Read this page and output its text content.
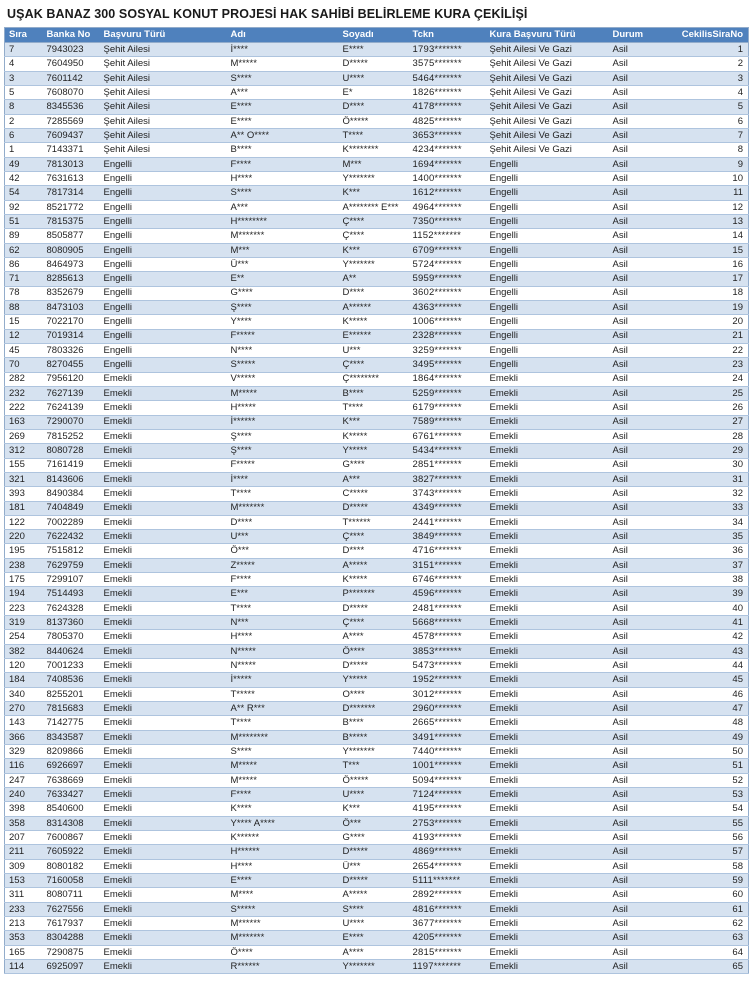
UŞAK BANAZ 300 SOSYAL KONUT PROJESİ HAK SAHİBİ BELİRLEME KURA ÇEKİLİŞİ
Sıra	Banka No	Başvuru Türü	Adı	Soyadı	Tckn	Kura Başvuru Türü	Durum	CekilisSiraNo
7	7943023	Şehit Ailesi	İ****	E****	1793*******	Şehit Ailesi Ve Gazi	Asil	1
4	7604950	Şehit Ailesi	M*****	D*****	3575*******	Şehit Ailesi Ve Gazi	Asil	2
3	7601142	Şehit Ailesi	S****	U****	5464*******	Şehit Ailesi Ve Gazi	Asil	3
5	7608070	Şehit Ailesi	A***	E*	1826*******	Şehit Ailesi Ve Gazi	Asil	4
8	8345536	Şehit Ailesi	E****	D****	4178*******	Şehit Ailesi Ve Gazi	Asil	5
2	7285569	Şehit Ailesi	E****	Ö*****	4825*******	Şehit Ailesi Ve Gazi	Asil	6
6	7609437	Şehit Ailesi	A** O****	T****	3653*******	Şehit Ailesi Ve Gazi	Asil	7
1	7143371	Şehit Ailesi	B****	K********	4234*******	Şehit Ailesi Ve Gazi	Asil	8
49	7813013	Engelli	F****	M***	1694*******	Engelli	Asil	9
42	7631613	Engelli	H****	Y*******	1400*******	Engelli	Asil	10
54	7817314	Engelli	S****	K***	1612*******	Engelli	Asil	11
92	8521772	Engelli	A***	A******** E***	4964*******	Engelli	Asil	12
51	7815375	Engelli	H********	Ç****	7350*******	Engelli	Asil	13
89	8505877	Engelli	M*******	Ç****	1152*******	Engelli	Asil	14
62	8080905	Engelli	M***	K***	6709*******	Engelli	Asil	15
86	8464973	Engelli	Ü***	Y*******	5724*******	Engelli	Asil	16
71	8285613	Engelli	E**	A**	5959*******	Engelli	Asil	17
78	8352679	Engelli	G****	D****	3602*******	Engelli	Asil	18
88	8473103	Engelli	Ş****	A******	4363*******	Engelli	Asil	19
15	7022170	Engelli	Y****	K*****	1006*******	Engelli	Asil	20
12	7019314	Engelli	F*****	E******	2328*******	Engelli	Asil	21
45	7803326	Engelli	N****	U***	3259*******	Engelli	Asil	22
70	8270455	Engelli	S*****	Ç****	3495*******	Engelli	Asil	23
282	7956120	Emekli	V*****	Ç********	1864*******	Emekli	Asil	24
232	7627139	Emekli	M*****	B****	5259*******	Emekli	Asil	25
222	7624139	Emekli	H*****	T****	6179*******	Emekli	Asil	26
163	7290070	Emekli	İ******	K***	7589*******	Emekli	Asil	27
269	7815252	Emekli	Ş****	K*****	6761*******	Emekli	Asil	28
312	8080728	Emekli	Ş****	Y*****	5434*******	Emekli	Asil	29
155	7161419	Emekli	F*****	G****	2851*******	Emekli	Asil	30
321	8143606	Emekli	İ****	A***	3827*******	Emekli	Asil	31
393	8490384	Emekli	T****	C*****	3743*******	Emekli	Asil	32
181	7404849	Emekli	M*******	D*****	4349*******	Emekli	Asil	33
122	7002289	Emekli	D****	T******	2441*******	Emekli	Asil	34
220	7622432	Emekli	U***	Ç****	3849*******	Emekli	Asil	35
195	7515812	Emekli	Ö***	D****	4716*******	Emekli	Asil	36
238	7629759	Emekli	Z*****	A*****	3151*******	Emekli	Asil	37
175	7299107	Emekli	F****	K*****	6746*******	Emekli	Asil	38
194	7514493	Emekli	E***	P*******	4596*******	Emekli	Asil	39
223	7624328	Emekli	T****	D*****	2481*******	Emekli	Asil	40
319	8137360	Emekli	N***	Ç****	5668*******	Emekli	Asil	41
254	7805370	Emekli	H****	A****	4578*******	Emekli	Asil	42
382	8440624	Emekli	N*****	Ö****	3853*******	Emekli	Asil	43
120	7001233	Emekli	N*****	D*****	5473*******	Emekli	Asil	44
184	7408536	Emekli	İ*****	Y*****	1952*******	Emekli	Asil	45
340	8255201	Emekli	T*****	O****	3012*******	Emekli	Asil	46
270	7815683	Emekli	A** R***	D*******	2960*******	Emekli	Asil	47
143	7142775	Emekli	T****	B****	2665*******	Emekli	Asil	48
366	8343587	Emekli	M********	B*****	3491*******	Emekli	Asil	49
329	8209866	Emekli	S****	Y*******	7440*******	Emekli	Asil	50
116	6926697	Emekli	M*****	T***	1001*******	Emekli	Asil	51
247	7638669	Emekli	M*****	Ö*****	5094*******	Emekli	Asil	52
240	7633427	Emekli	F****	U****	7124*******	Emekli	Asil	53
398	8540600	Emekli	K****	K***	4195*******	Emekli	Asil	54
358	8314308	Emekli	Y**** A****	Ö***	2753*******	Emekli	Asil	55
207	7600867	Emekli	K******	G****	4193*******	Emekli	Asil	56
211	7605922	Emekli	H******	D*****	4869*******	Emekli	Asil	57
309	8080182	Emekli	H****	Ü***	2654*******	Emekli	Asil	58
153	7160058	Emekli	E****	D*****	5111*******	Emekli	Asil	59
311	8080711	Emekli	M****	A*****	2892*******	Emekli	Asil	60
233	7627556	Emekli	S*****	S****	4816*******	Emekli	Asil	61
213	7617937	Emekli	M******	U****	3677*******	Emekli	Asil	62
353	8304288	Emekli	M*******	E****	4205*******	Emekli	Asil	63
165	7290875	Emekli	Ö****	A****	2815*******	Emekli	Asil	64
114	6925097	Emekli	R******	Y*******	1197*******	Emekli	Asil	65
